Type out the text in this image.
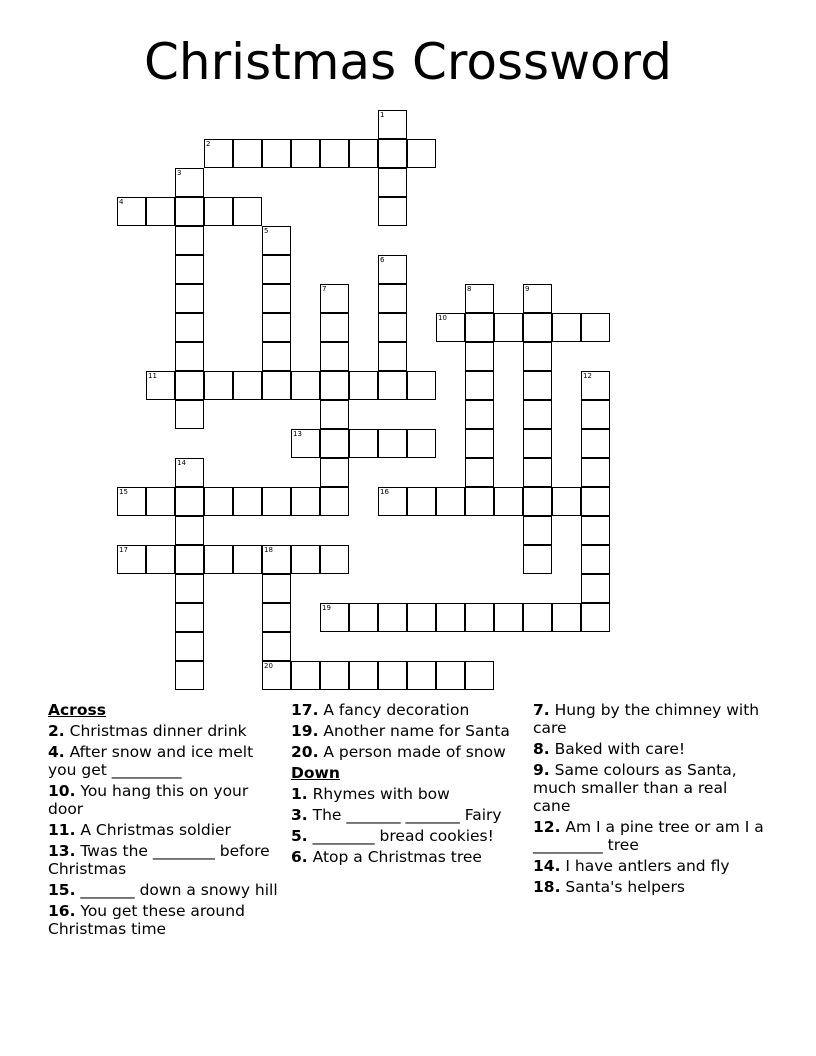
Christmas Crossword
1
2
3
4
5
6
7	8	9
10
11	12
13
14
15	16
17	18
19
20
Across
2. Christmas dinner drink
4. After snow and ice melt you get _________
10. You hang this on your door
11. A Christmas soldier
13. Twas the ________ before Christmas
15. _______ down a snowy hill
16. You get these around Christmas time
17. A fancy decoration
19. Another name for Santa
20. A person made of snow
Down
1. Rhymes with bow
3. The _______ _______ Fairy
5. ________ bread cookies!
6. Atop a Christmas tree
7. Hung by the chimney with care
8. Baked with care!
9. Same colours as Santa, much smaller than a real cane
12. Am I a pine tree or am I a _________ tree
14. I have antlers and fly
18. Santa's helpers
